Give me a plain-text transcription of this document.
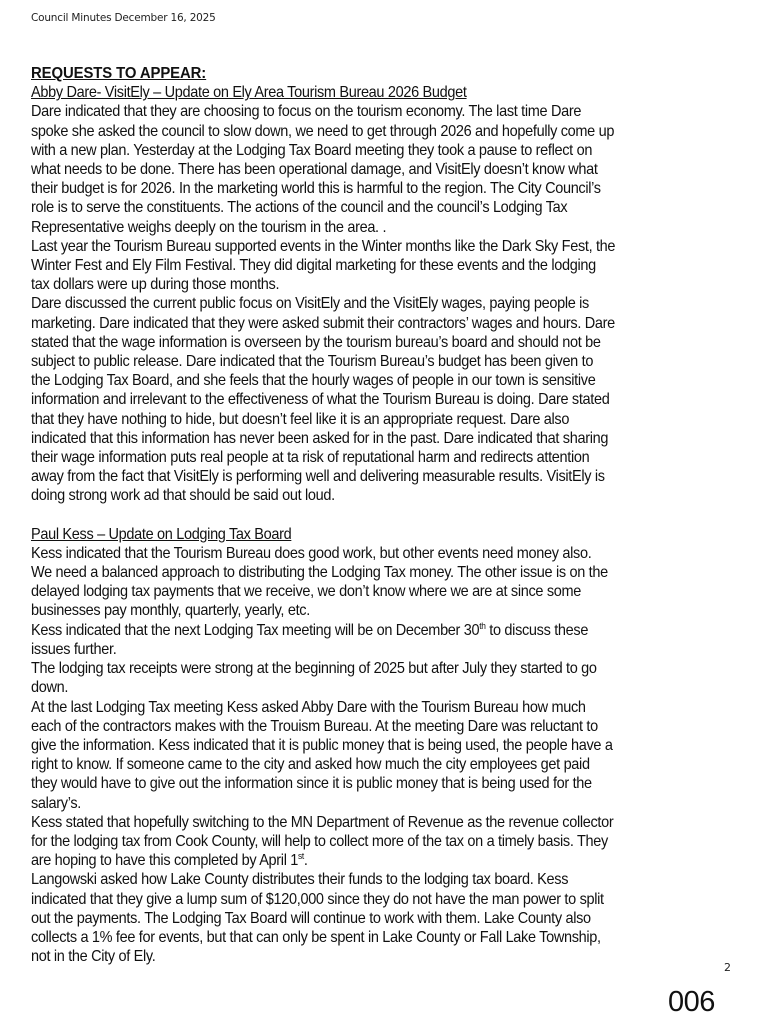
Council Minutes December 16, 2025
REQUESTS TO APPEAR:
Abby Dare- VisitEly – Update on Ely Area Tourism Bureau 2026 Budget
Dare indicated that they are choosing to focus on the tourism economy. The last time Dare
spoke she asked the council to slow down, we need to get through 2026 and hopefully come up
with a new plan. Yesterday at the Lodging Tax Board meeting they took a pause to reflect on
what needs to be done. There has been operational damage, and VisitEly doesn’t know what
their budget is for 2026. In the marketing world this is harmful to the region. The City Council’s
role is to serve the constituents. The actions of the council and the council’s Lodging Tax
Representative weighs deeply on the tourism in the area. .
Last year the Tourism Bureau supported events in the Winter months like the Dark Sky Fest, the
Winter Fest and Ely Film Festival. They did digital marketing for these events and the lodging
tax dollars were up during those months.
Dare discussed the current public focus on VisitEly and the VisitEly wages, paying people is
marketing. Dare indicated that they were asked submit their contractors’ wages and hours. Dare
stated that the wage information is overseen by the tourism bureau’s board and should not be
subject to public release. Dare indicated that the Tourism Bureau’s budget has been given to
the Lodging Tax Board, and she feels that the hourly wages of people in our town is sensitive
information and irrelevant to the effectiveness of what the Tourism Bureau is doing. Dare stated
that they have nothing to hide, but doesn’t feel like it is an appropriate request. Dare also
indicated that this information has never been asked for in the past. Dare indicated that sharing
their wage information puts real people at ta risk of reputational harm and redirects attention
away from the fact that VisitEly is performing well and delivering measurable results. VisitEly is
doing strong work ad that should be said out loud.
Paul Kess – Update on Lodging Tax Board
Kess indicated that the Tourism Bureau does good work, but other events need money also.
We need a balanced approach to distributing the Lodging Tax money. The other issue is on the
delayed lodging tax payments that we receive, we don’t know where we are at since some
businesses pay monthly, quarterly, yearly, etc.
Kess indicated that the next Lodging Tax meeting will be on December 30th to discuss these
issues further.
The lodging tax receipts were strong at the beginning of 2025 but after July they started to go
down.
At the last Lodging Tax meeting Kess asked Abby Dare with the Tourism Bureau how much
each of the contractors makes with the Trouism Bureau. At the meeting Dare was reluctant to
give the information. Kess indicated that it is public money that is being used, the people have a
right to know. If someone came to the city and asked how much the city employees get paid
they would have to give out the information since it is public money that is being used for the
salary’s.
Kess stated that hopefully switching to the MN Department of Revenue as the revenue collector
for the lodging tax from Cook County, will help to collect more of the tax on a timely basis. They
are hoping to have this completed by April 1st.
Langowski asked how Lake County distributes their funds to the lodging tax board. Kess
indicated that they give a lump sum of $120,000 since they do not have the man power to split
out the payments. The Lodging Tax Board will continue to work with them. Lake County also
collects a 1% fee for events, but that can only be spent in Lake County or Fall Lake Township,
not in the City of Ely.
2
006
